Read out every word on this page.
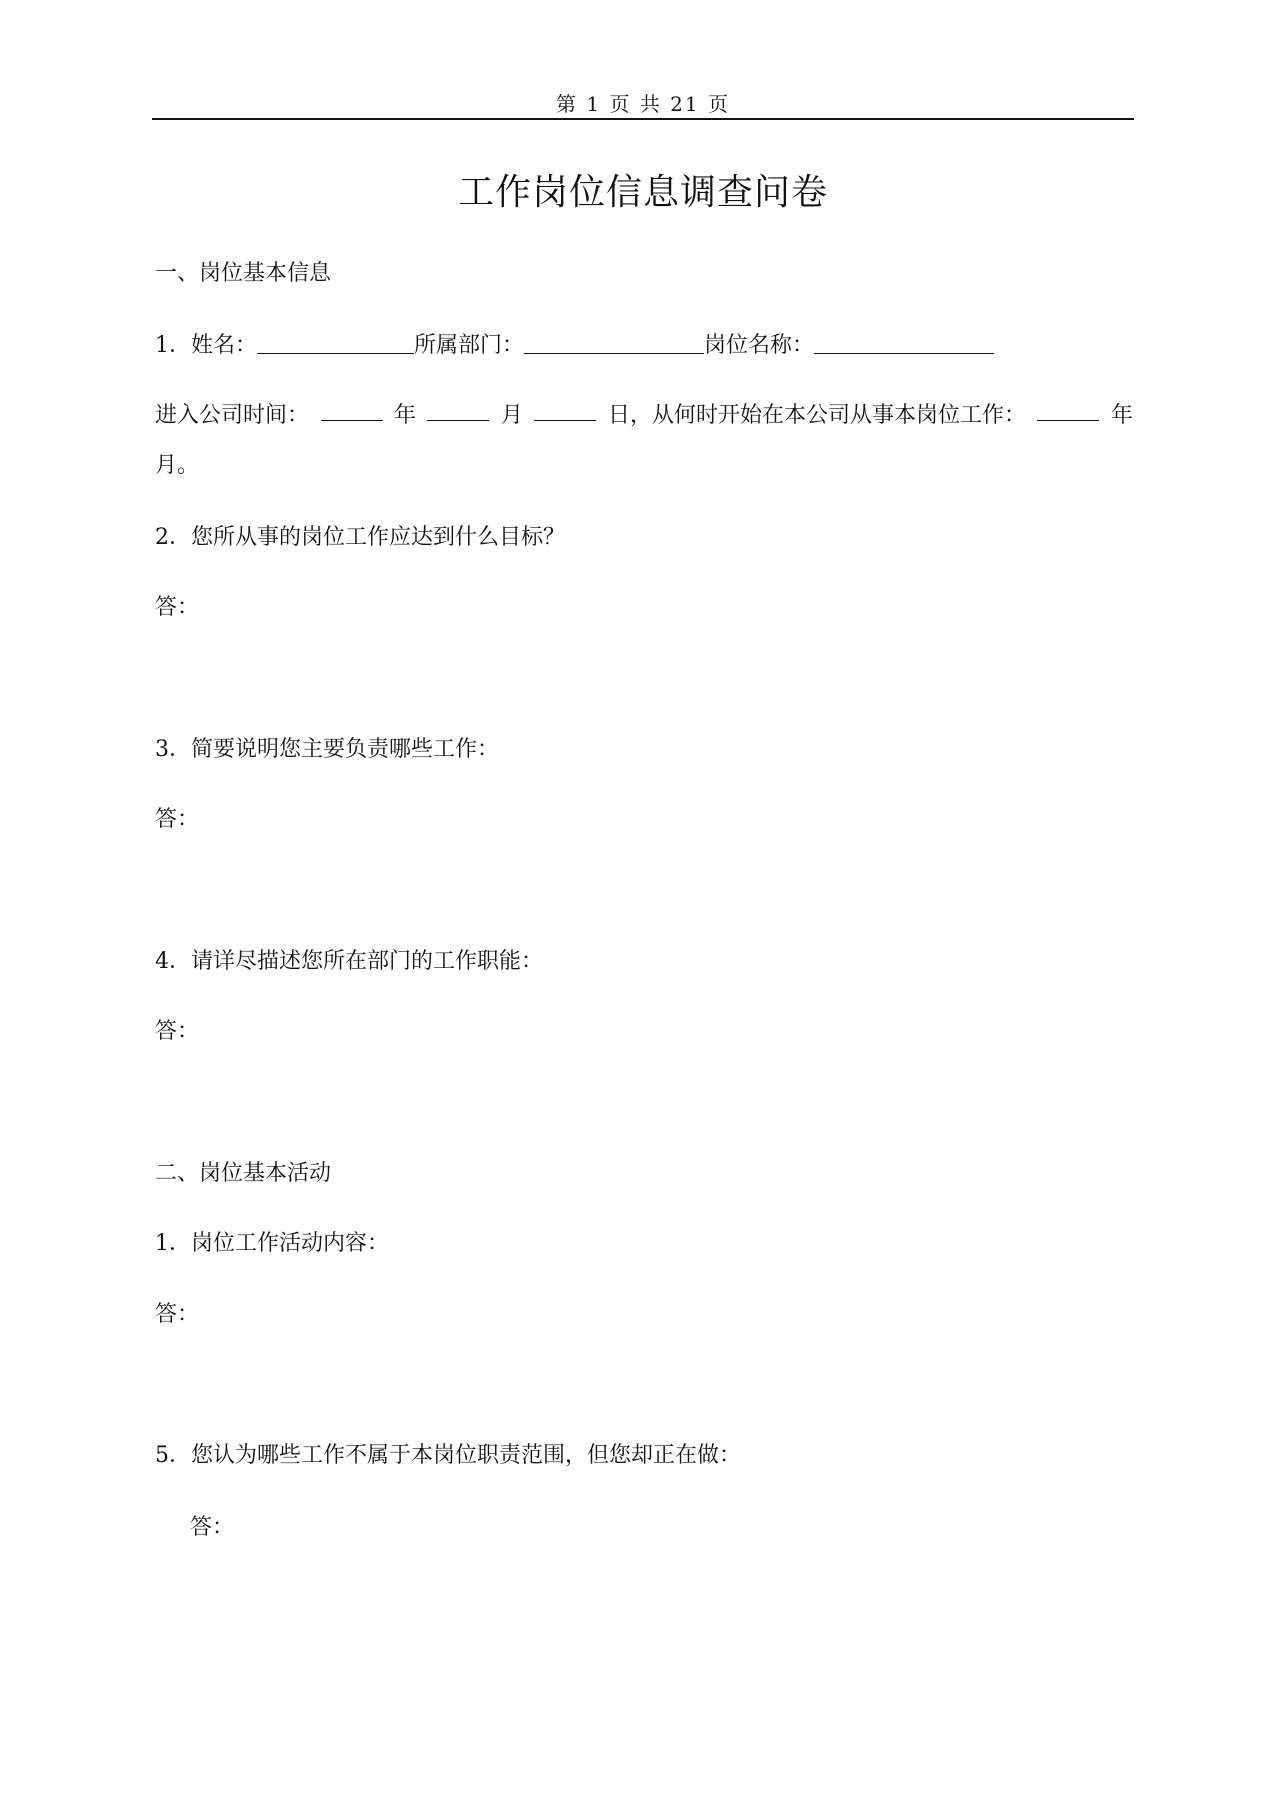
第 1 页 共 21 页
工作岗位信息调查问卷
一、岗位基本信息
1．姓名：	所属部门：	岗位名称：
进入公司时间：	年	月	日，从何时开始在本公司从事本岗位工作：	年
月。
2．您所从事的岗位工作应达到什么目标？
答：
3．简要说明您主要负责哪些工作：
答：
4．请详尽描述您所在部门的工作职能：
答：
二、岗位基本活动
1．岗位工作活动内容：
答：
5．您认为哪些工作不属于本岗位职责范围，但您却正在做：
答：
